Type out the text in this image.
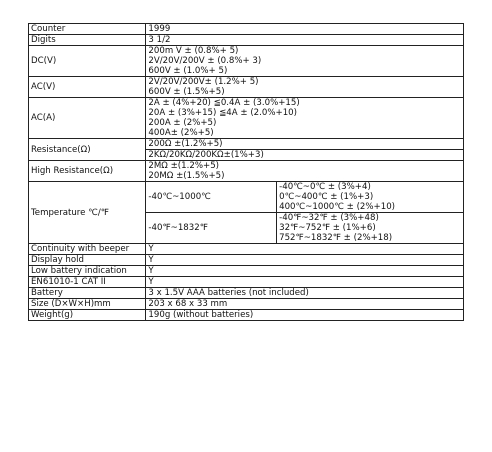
Counter	1999	
Digits	3 1/2	
DC(V)	200m V ± (0.8%+ 5)
2V/20V/200V ± (0.8%+ 3)
600V ± (1.0%+ 5)	

AC(V)	2V/20V/200V± (1.2%+ 5)
600V ± (1.5%+5)	

AC(A)	2A ± (4%+20) ≦0.4A ± (3.0%+15)
20A ± (3%+15) ≦4A ± (2.0%+10)
200A ± (2%+5)
400A± (2%+5)	

Resistance(Ω)	200Ω ±(1.2%+5)	
	2KΩ/20KΩ/200KΩ±(1%+3)	
High Resistance(Ω)	2MΩ ±(1.2%+5)
20MΩ ±(1.5%+5)	

Temperature ℃/℉	-40℃~1000℃	-40℃~0℃ ± (3%+4)
0℃~400℃ ± (1%+3)
400℃~1000℃ ± (2%+10)

	-40℉~1832℉	-40℉~32℉ ± (3%+48)
32℉~752℉ ± (1%+6)
752℉~1832℉ ± (2%+18)

Continuity with beeper	Y	
Display hold	Y	
Low battery indication	Y	
EN61010-1 CAT II	Y	
Battery	3 x 1.5V AAA batteries (not included)	
Size (D×W×H)mm	203 x 68 x 33 mm	
Weight(g)	190g (without batteries)	
